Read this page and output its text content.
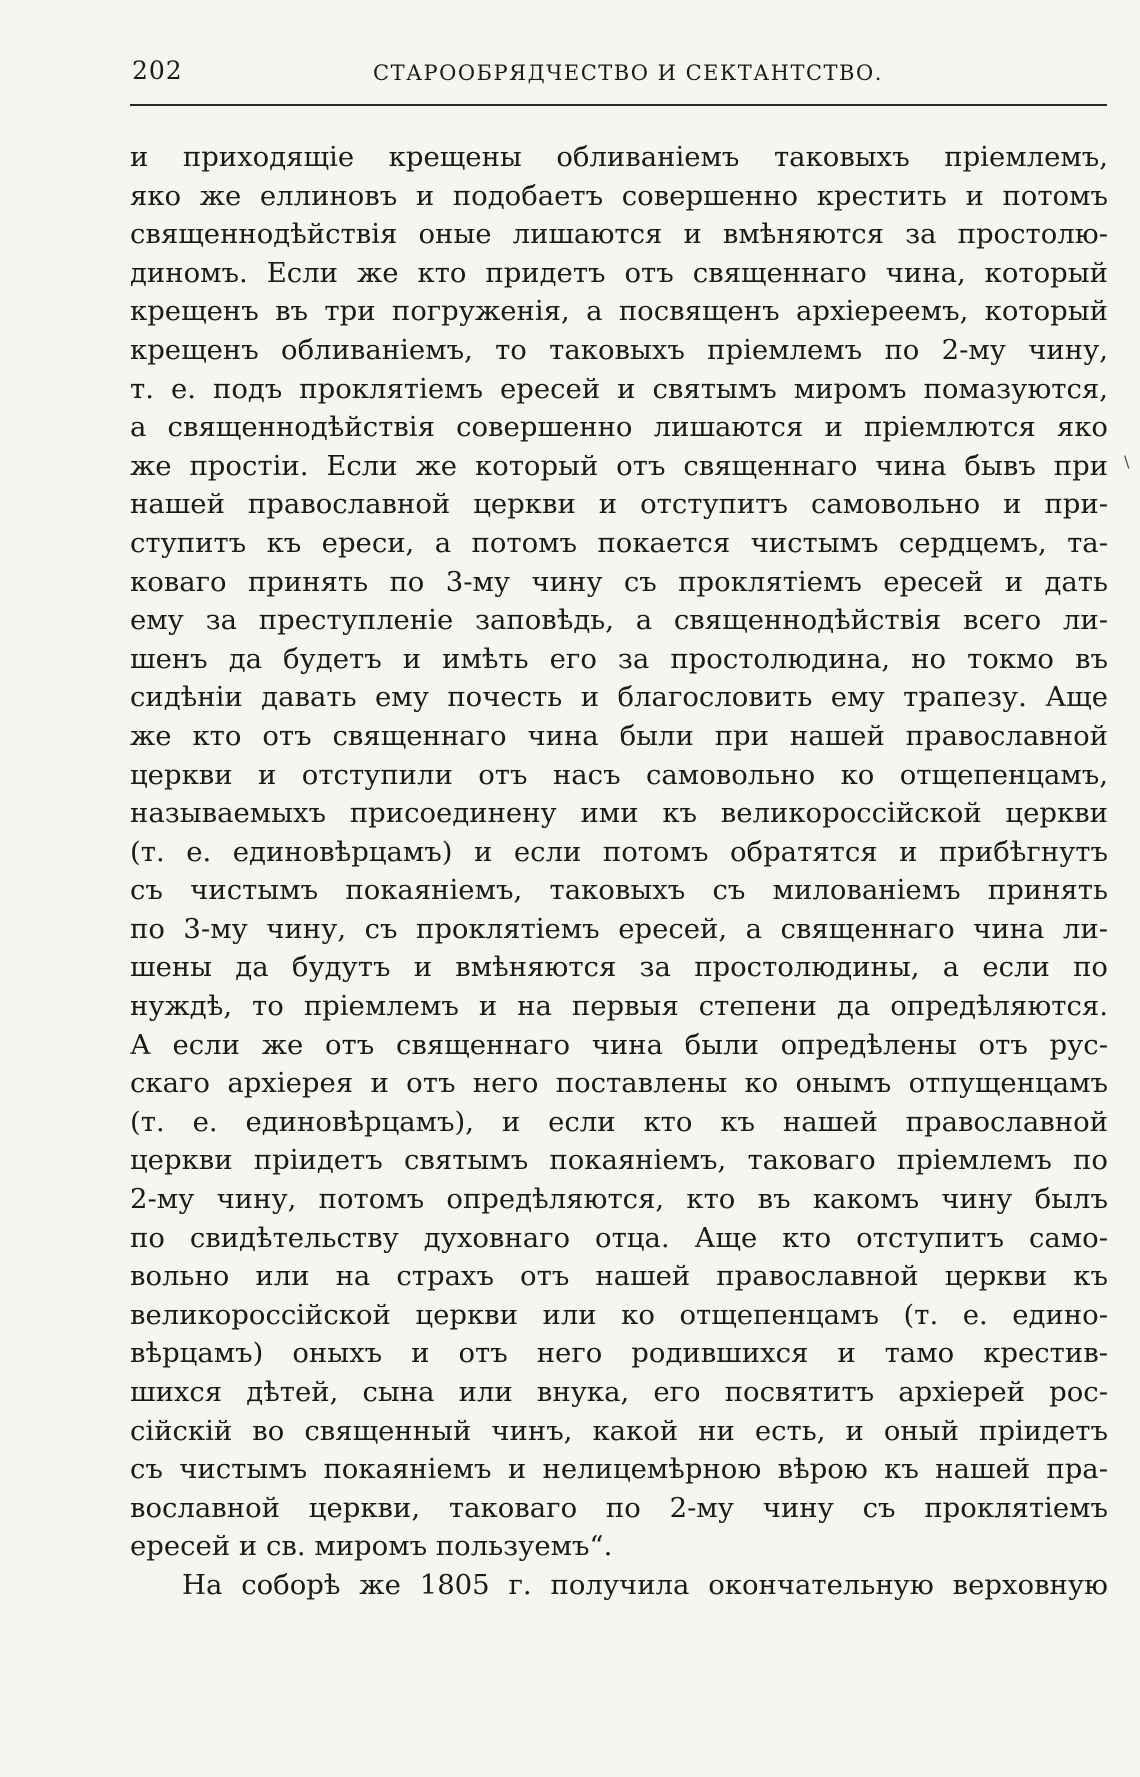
202	СТАРООБРЯДЧЕСТВО И СЕКТАНТСТВО.
и приходящіе крещены обливаніемъ таковыхъ пріемлемъ,
яко же еллиновъ и подобаетъ совершенно крестить и потомъ
священнодѣйствія оные лишаются и вмѣняются за простолю-
диномъ. Если же кто придетъ отъ священнаго чина, который
крещенъ въ три погруженія, а посвященъ архіереемъ, который
крещенъ обливаніемъ, то таковыхъ пріемлемъ по 2-му чину,
т. е. подъ проклятіемъ ересей и святымъ миромъ помазуются,
а священнодѣйствія совершенно лишаются и пріемлются яко
же простіи. Если же который отъ священнаго чина бывъ при
нашей православной церкви и отступитъ самовольно и при-
ступитъ къ ереси, а потомъ покается чистымъ сердцемъ, та-
коваго принять по 3-му чину съ проклятіемъ ересей и дать
ему за преступленіе заповѣдь, а священнодѣйствія всего ли-
шенъ да будетъ и имѣть его за простолюдина, но токмо въ
сидѣніи давать ему почесть и благословить ему трапезу. Аще
же кто отъ священнаго чина были при нашей православной
церкви и отступили отъ насъ самовольно ко отщепенцамъ,
называемыхъ присоединену ими къ великороссійской церкви
(т. е. единовѣрцамъ) и если потомъ обратятся и прибѣгнутъ
съ чистымъ покаяніемъ, таковыхъ съ милованіемъ принять
по 3-му чину, съ проклятіемъ ересей, а священнаго чина ли-
шены да будутъ и вмѣняются за простолюдины, а если по
нуждѣ, то пріемлемъ и на первыя степени да опредѣляются.
А если же отъ священнаго чина были опредѣлены отъ рус-
скаго архіерея и отъ него поставлены ко онымъ отпущенцамъ
(т. е. единовѣрцамъ), и если кто къ нашей православной
церкви пріидетъ святымъ покаяніемъ, таковаго пріемлемъ по
2-му чину, потомъ опредѣляются, кто въ какомъ чину былъ
по свидѣтельству духовнаго отца. Аще кто отступитъ само-
вольно или на страхъ отъ нашей православной церкви къ
великороссійской церкви или ко отщепенцамъ (т. е. едино-
вѣрцамъ) оныхъ и отъ него родившихся и тамо крестив-
шихся дѣтей, сына или внука, его посвятитъ архіерей рос-
сійскій во священный чинъ, какой ни есть, и оный пріидетъ
съ чистымъ покаяніемъ и нелицемѣрною вѣрою къ нашей пра-
вославной церкви, таковаго по 2-му чину съ проклятіемъ
ересей и св. миромъ пользуемъ“.
На соборѣ же 1805 г. получила окончательную верховную
\
